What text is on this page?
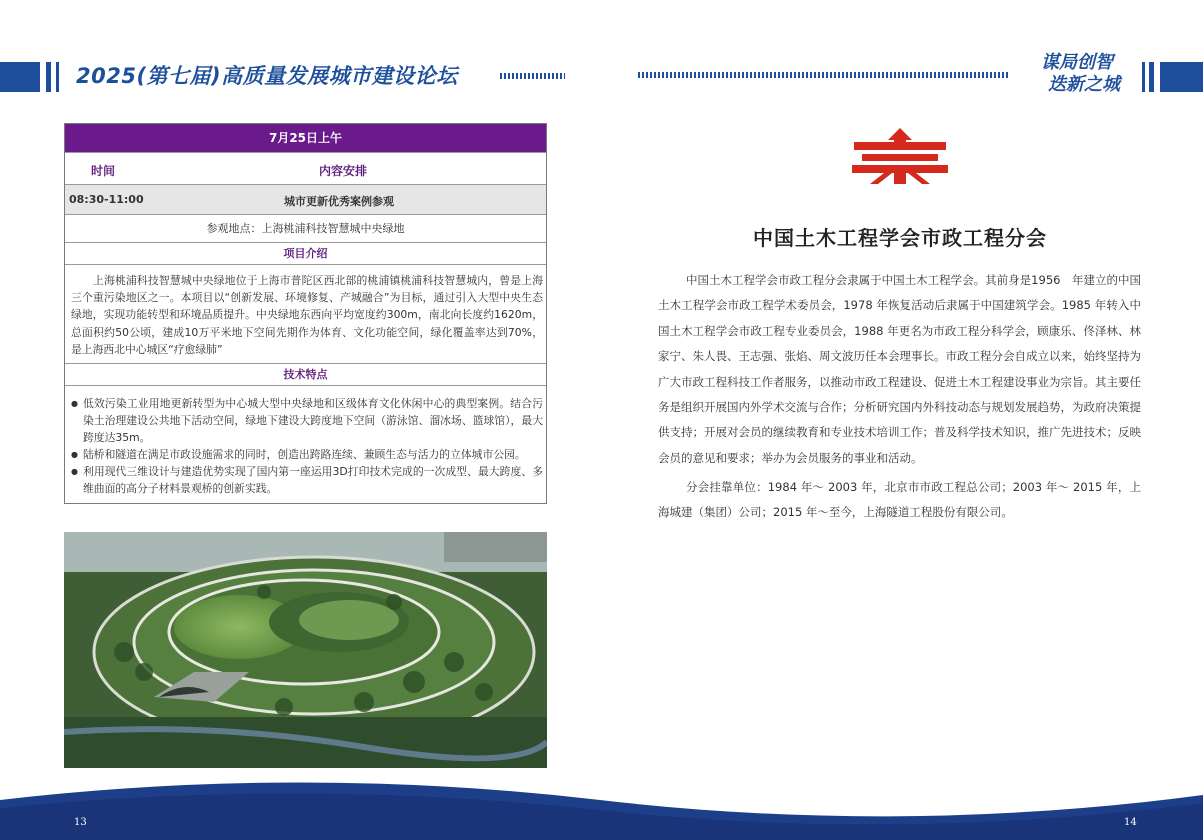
2025(第七届)高质量发展城市建设论坛
谋局创智
迭新之城
7月25日上午
时间	内容安排
08:30-11:00	城市更新优秀案例参观
参观地点：上海桃浦科技智慧城中央绿地
项目介绍
上海桃浦科技智慧城中央绿地位于上海市普陀区西北部的桃浦镇桃浦科技智慧城内，曾是上海三个重污染地区之一。本项目以“创新发展、环境修复、产城融合”为目标，通过引入大型中央生态绿地，实现功能转型和环境品质提升。中央绿地东西向平均宽度约300m，南北向长度约1620m，总面积约50公顷，建成10万平米地下空间先期作为体育、文化功能空间，绿化覆盖率达到70%，是上海西北中心城区“疗愈绿肺”
技术特点
● 低效污染工业用地更新转型为中心城大型中央绿地和区级体育文化休闲中心的典型案例。结合污染土治理建设公共地下活动空间，绿地下建设大跨度地下空间（游泳馆、溜冰场、篮球馆），最大跨度达35m。
● 陆桥和隧道在满足市政设施需求的同时，创造出跨路连续、兼顾生态与活力的立体城市公园。
● 利用现代三维设计与建造优势实现了国内第一座运用3D打印技术完成的一次成型、最大跨度、多维曲面的高分子材料景观桥的创新实践。
中国土木工程学会市政工程分会
中国土木工程学会市政工程分会隶属于中国土木工程学会。其前身是1956　年建立的中国土木工程学会市政工程学术委员会，1978 年恢复活动后隶属于中国建筑学会。1985 年转入中国土木工程学会市政工程专业委员会，1988 年更名为市政工程分科学会，顾康乐、佟泽林、林家宁、朱人畏、王志强、张焰、周文波历任本会理事长。市政工程分会自成立以来，始终坚持为广大市政工程科技工作者服务，以推动市政工程建设、促进土木工程建设事业为宗旨。其主要任务是组织开展国内外学术交流与合作；分析研究国内外科技动态与规划发展趋势，为政府决策提供支持；开展对会员的继续教育和专业技术培训工作；普及科学技术知识，推广先进技术；反映会员的意见和要求；举办为会员服务的事业和活动。
分会挂靠单位：1984 年～ 2003 年，北京市市政工程总公司；2003 年～ 2015 年，上海城建（集团）公司；2015 年～至今，上海隧道工程股份有限公司。
13	14
